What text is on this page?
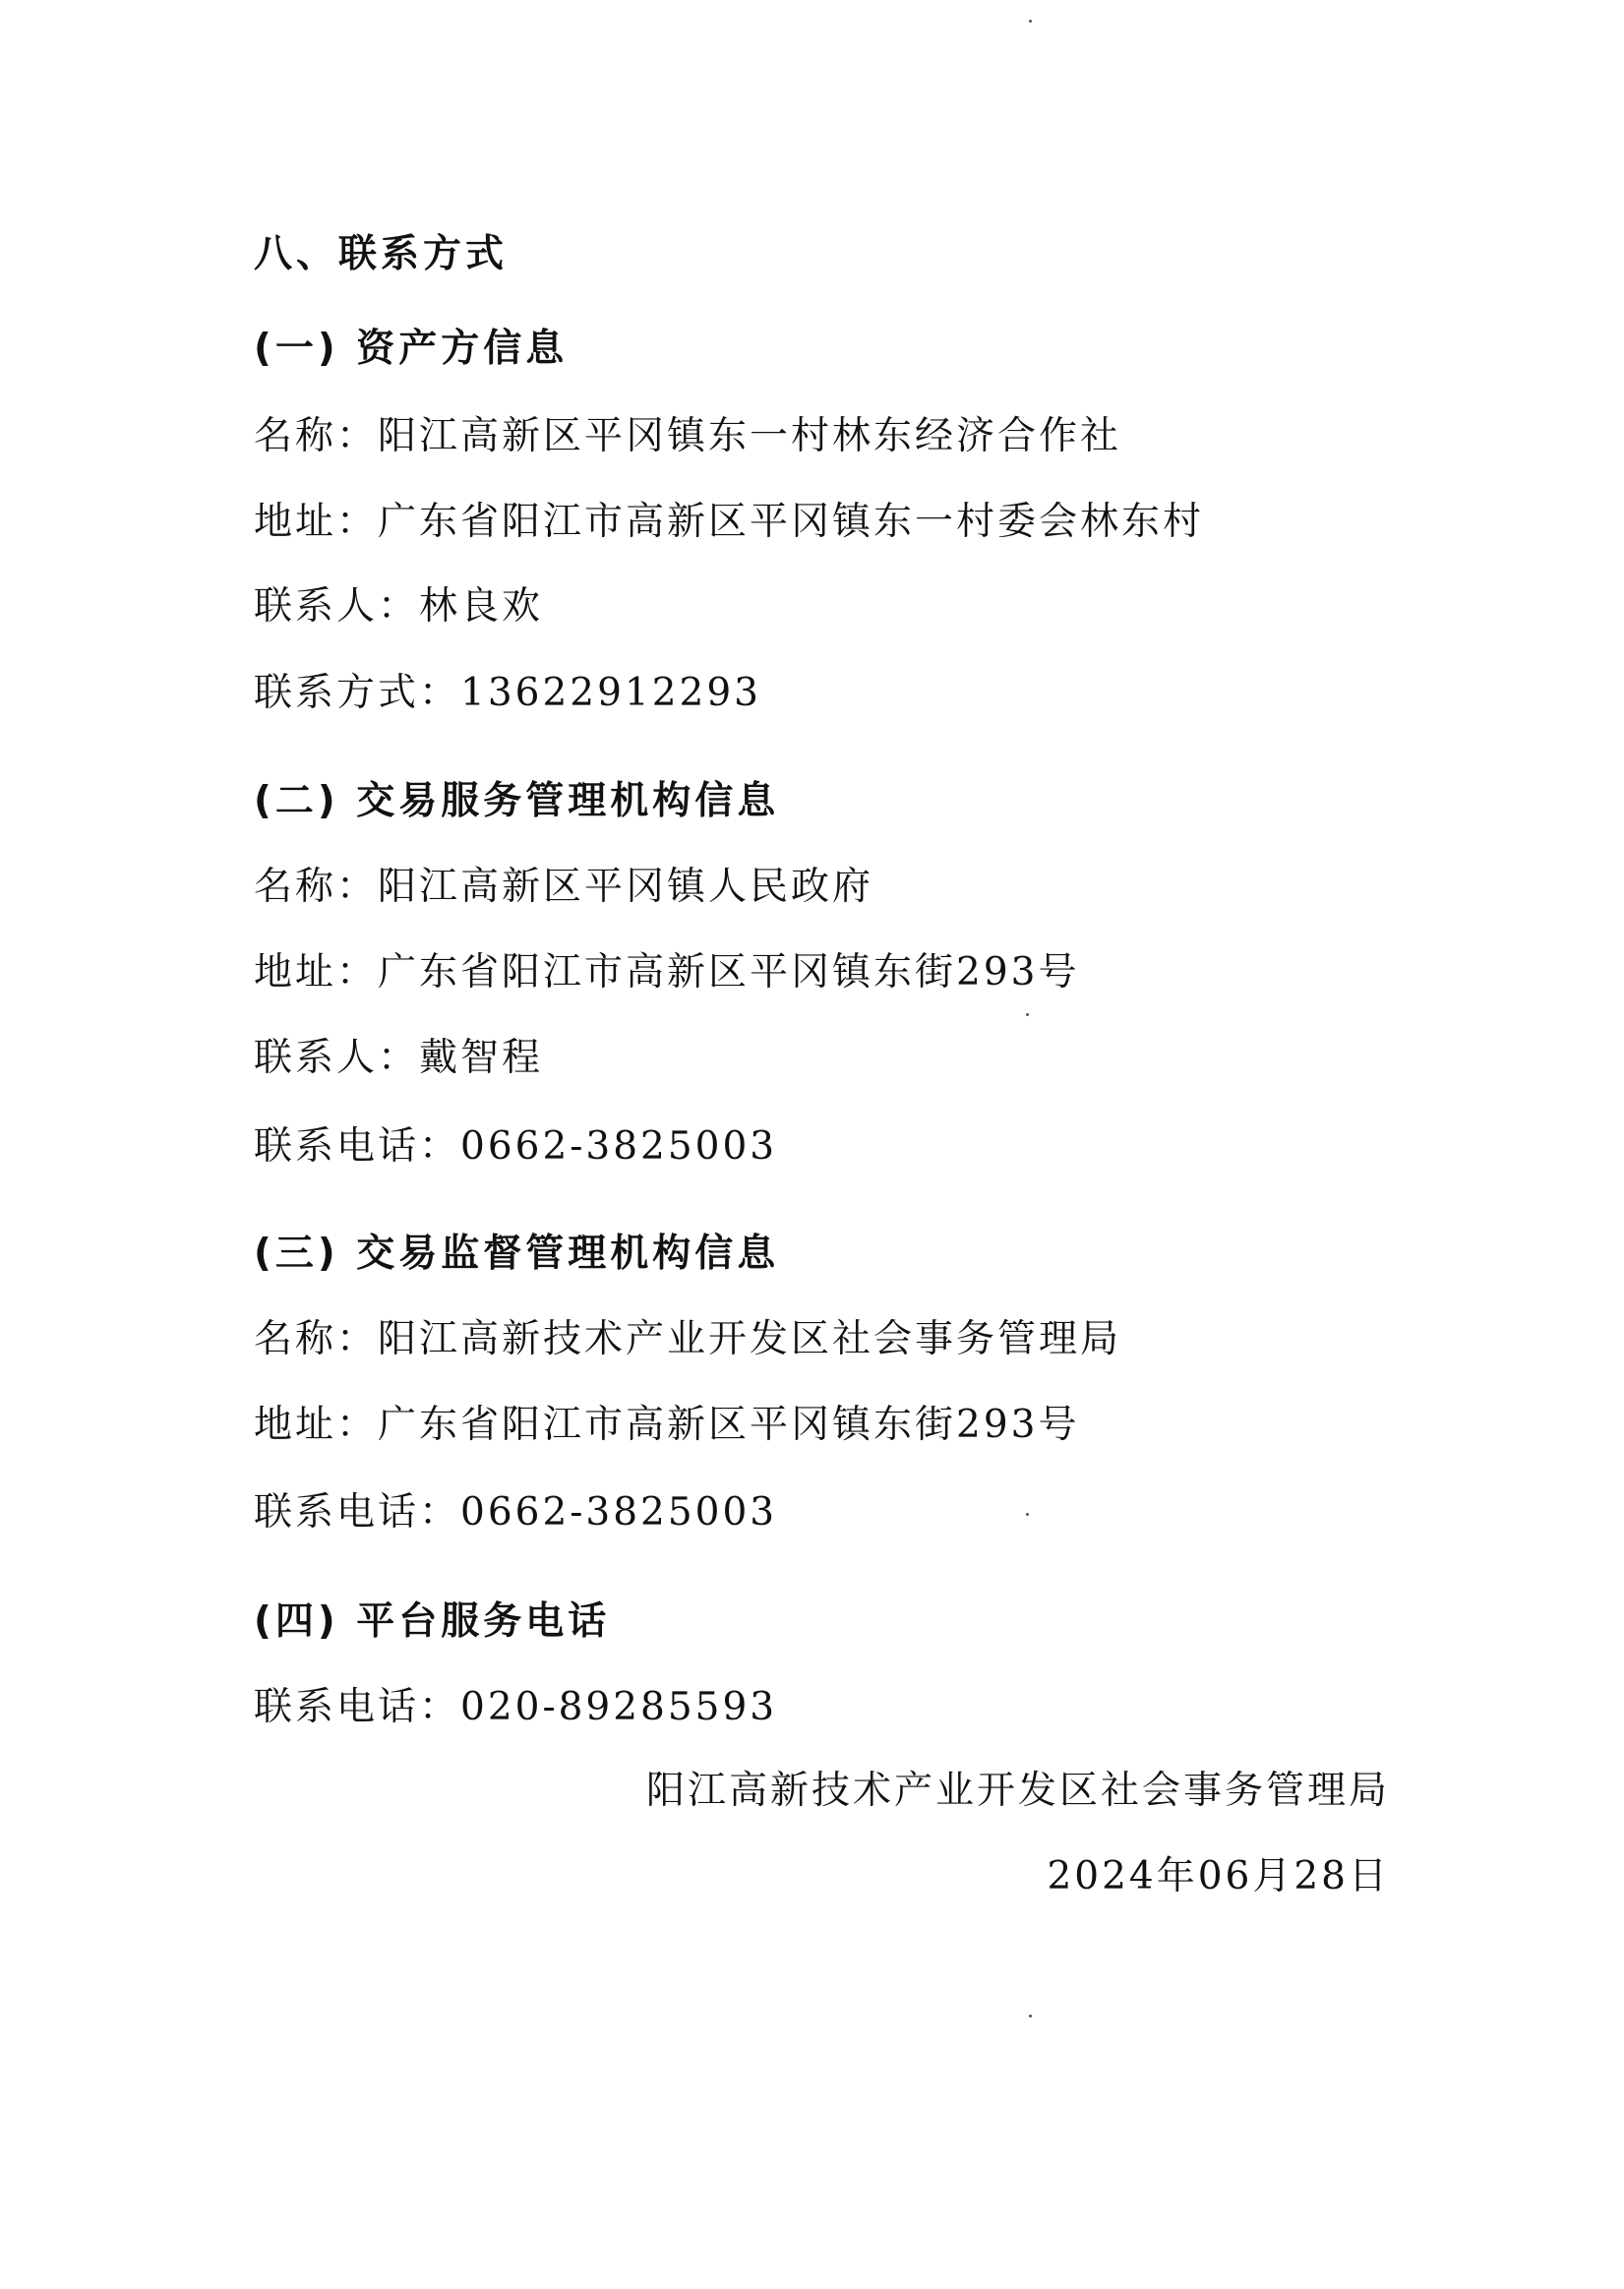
八、联系方式
(一) 资产方信息
名称：阳江高新区平冈镇东一村林东经济合作社
地址：广东省阳江市高新区平冈镇东一村委会林东村
联系人：林良欢
联系方式：13622912293
(二) 交易服务管理机构信息
名称：阳江高新区平冈镇人民政府
地址：广东省阳江市高新区平冈镇东街293号
联系人：戴智程
联系电话：0662-3825003
(三) 交易监督管理机构信息
名称：阳江高新技术产业开发区社会事务管理局
地址：广东省阳江市高新区平冈镇东街293号
联系电话：0662-3825003
(四) 平台服务电话
联系电话：020-89285593
阳江高新技术产业开发区社会事务管理局
2024年06月28日
